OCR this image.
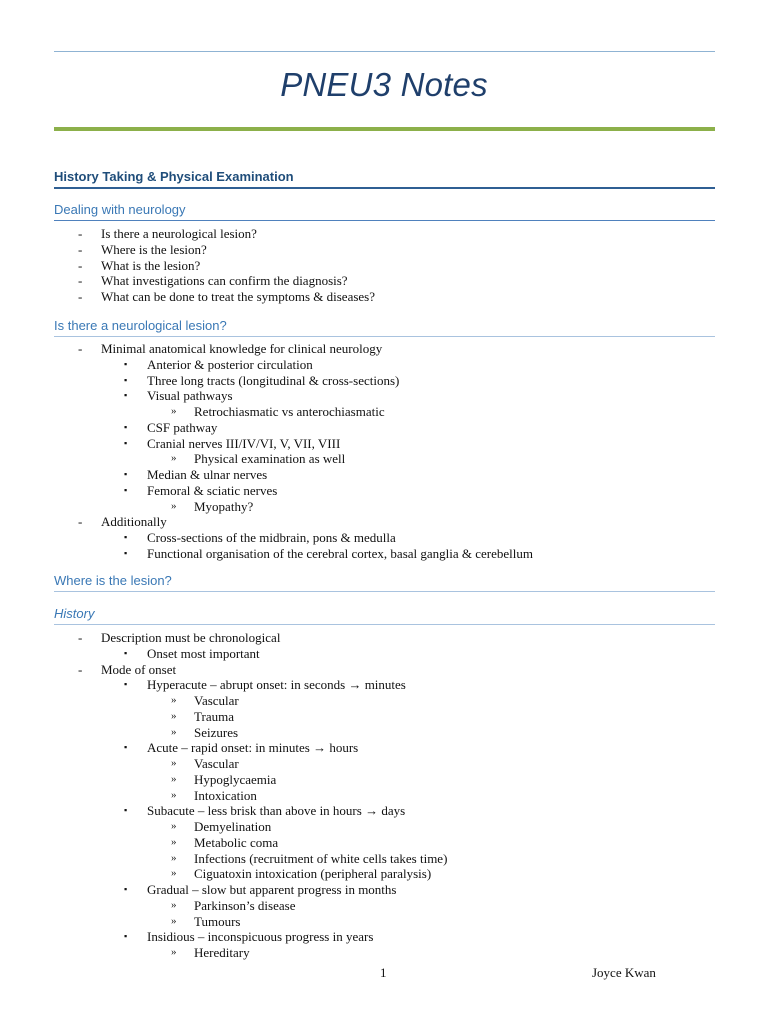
PNEU3 Notes
History Taking & Physical Examination
Dealing with neurology
- Is there a neurological lesion?
- Where is the lesion?
- What is the lesion?
- What investigations can confirm the diagnosis?
- What can be done to treat the symptoms & diseases?
Is there a neurological lesion?
- Minimal anatomical knowledge for clinical neurology
▪ Anterior & posterior circulation
▪ Three long tracts (longitudinal & cross-sections)
▪ Visual pathways
» Retrochiasmatic vs anterochiasmatic
▪ CSF pathway
▪ Cranial nerves III/IV/VI, V, VII, VIII
» Physical examination as well
▪ Median & ulnar nerves
▪ Femoral & sciatic nerves
» Myopathy?
- Additionally
▪ Cross-sections of the midbrain, pons & medulla
▪ Functional organisation of the cerebral cortex, basal ganglia & cerebellum
Where is the lesion?
History
- Description must be chronological
▪ Onset most important
- Mode of onset
▪ Hyperacute – abrupt onset: in seconds → minutes
» Vascular
» Trauma
» Seizures
▪ Acute – rapid onset: in minutes → hours
» Vascular
» Hypoglycaemia
» Intoxication
▪ Subacute – less brisk than above in hours → days
» Demyelination
» Metabolic coma
» Infections (recruitment of white cells takes time)
» Ciguatoxin intoxication (peripheral paralysis)
▪ Gradual – slow but apparent progress in months
» Parkinson’s disease
» Tumours
▪ Insidious – inconspicuous progress in years
» Hereditary
1	Joyce Kwan
